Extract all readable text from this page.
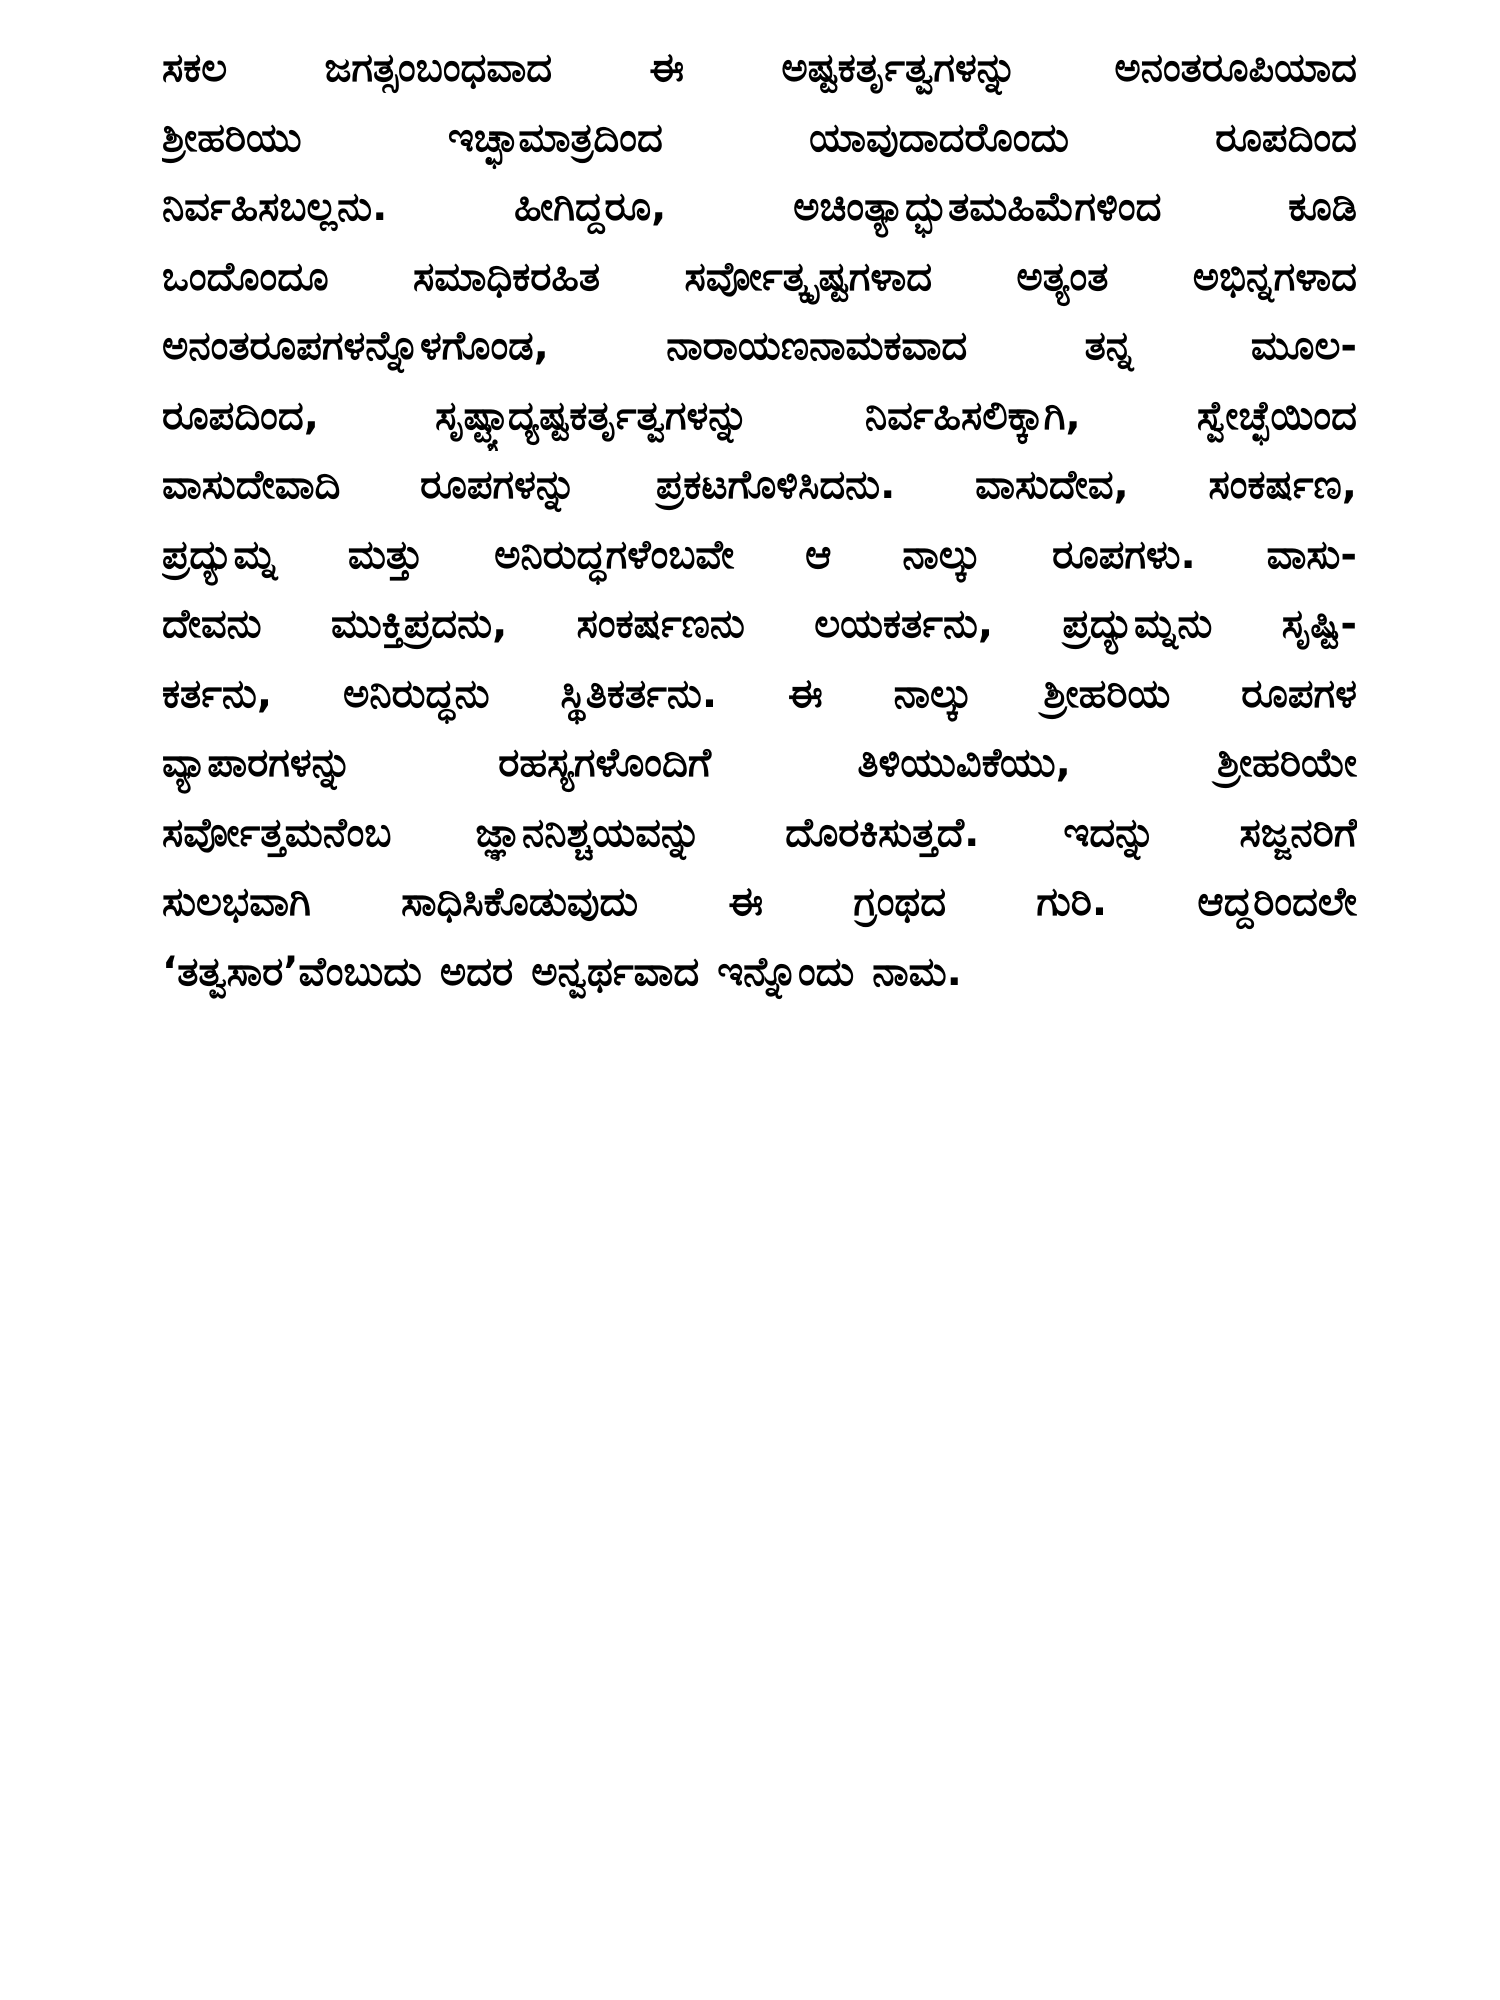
ಸಕಲ ಜಗತ್ಸಂಬಂಧವಾದ ಈ ಅಷ್ಟಕರ್ತೃತ್ವಗಳನ್ನು ಅನಂತರೂಪಿಯಾದ
ಶ್ರೀಹರಿಯು	ಇಚ್ಛಾಮಾತ್ರದಿಂದ	ಯಾವುದಾದರೊಂದು	ರೂಪದಿಂದ
ನಿರ್ವಹಿಸಬಲ್ಲನು.	ಹೀಗಿದ್ದರೂ,	ಅಚಿಂತ್ಯಾದ್ಭುತಮಹಿಮೆಗಳಿಂದ	ಕೂಡಿ
ಒಂದೊಂದೂ ಸಮಾಧಿಕರಹಿತ ಸರ್ವೋತ್ಕೃಷ್ಟಗಳಾದ ಅತ್ಯಂತ ಅಭಿನ್ನಗಳಾದ
ಅನಂತರೂಪಗಳನ್ನೊಳಗೊಂಡ,	ನಾರಾಯಣನಾಮಕವಾದ	ತನ್ನ	ಮೂಲ-
ರೂಪದಿಂದ,	ಸೃಷ್ಟ್ಯಾದ್ಯಷ್ಟಕರ್ತೃತ್ವಗಳನ್ನು	ನಿರ್ವಹಿಸಲಿಕ್ಕಾಗಿ,	ಸ್ವೇಚ್ಛೆಯಿಂದ
ವಾಸುದೇವಾದಿ ರೂಪಗಳನ್ನು ಪ್ರಕಟಗೊಳಿಸಿದನು. ವಾಸುದೇವ, ಸಂಕರ್ಷಣ,
ಪ್ರದ್ಯುಮ್ನ ಮತ್ತು ಅನಿರುದ್ಧಗಳೆಂಬವೇ ಆ ನಾಲ್ಕು ರೂಪಗಳು. ವಾಸು-
ದೇವನು ಮುಕ್ತಿಪ್ರದನು, ಸಂಕರ್ಷಣನು ಲಯಕರ್ತನು, ಪ್ರದ್ಯುಮ್ನನು ಸೃಷ್ಟಿ-
ಕರ್ತನು, ಅನಿರುದ್ಧನು ಸ್ಥಿತಿಕರ್ತನು. ಈ ನಾಲ್ಕು ಶ್ರೀಹರಿಯ ರೂಪಗಳ
ವ್ಯಾಪಾರಗಳನ್ನು	ರಹಸ್ಯಗಳೊಂದಿಗೆ	ತಿಳಿಯುವಿಕೆಯು,	ಶ್ರೀಹರಿಯೇ
ಸರ್ವೋತ್ತಮನೆಂಬ ಜ್ಞಾನನಿಶ್ಚಯವನ್ನು ದೊರಕಿಸುತ್ತದೆ. ಇದನ್ನು ಸಜ್ಜನರಿಗೆ
ಸುಲಭವಾಗಿ ಸಾಧಿಸಿಕೊಡುವುದು ಈ ಗ್ರಂಥದ ಗುರಿ. ಆದ್ದರಿಂದಲೇ
‘ತತ್ವಸಾರ’ವೆಂಬುದು ಅದರ ಅನ್ವರ್ಥವಾದ ಇನ್ನೊಂದು ನಾಮ.
